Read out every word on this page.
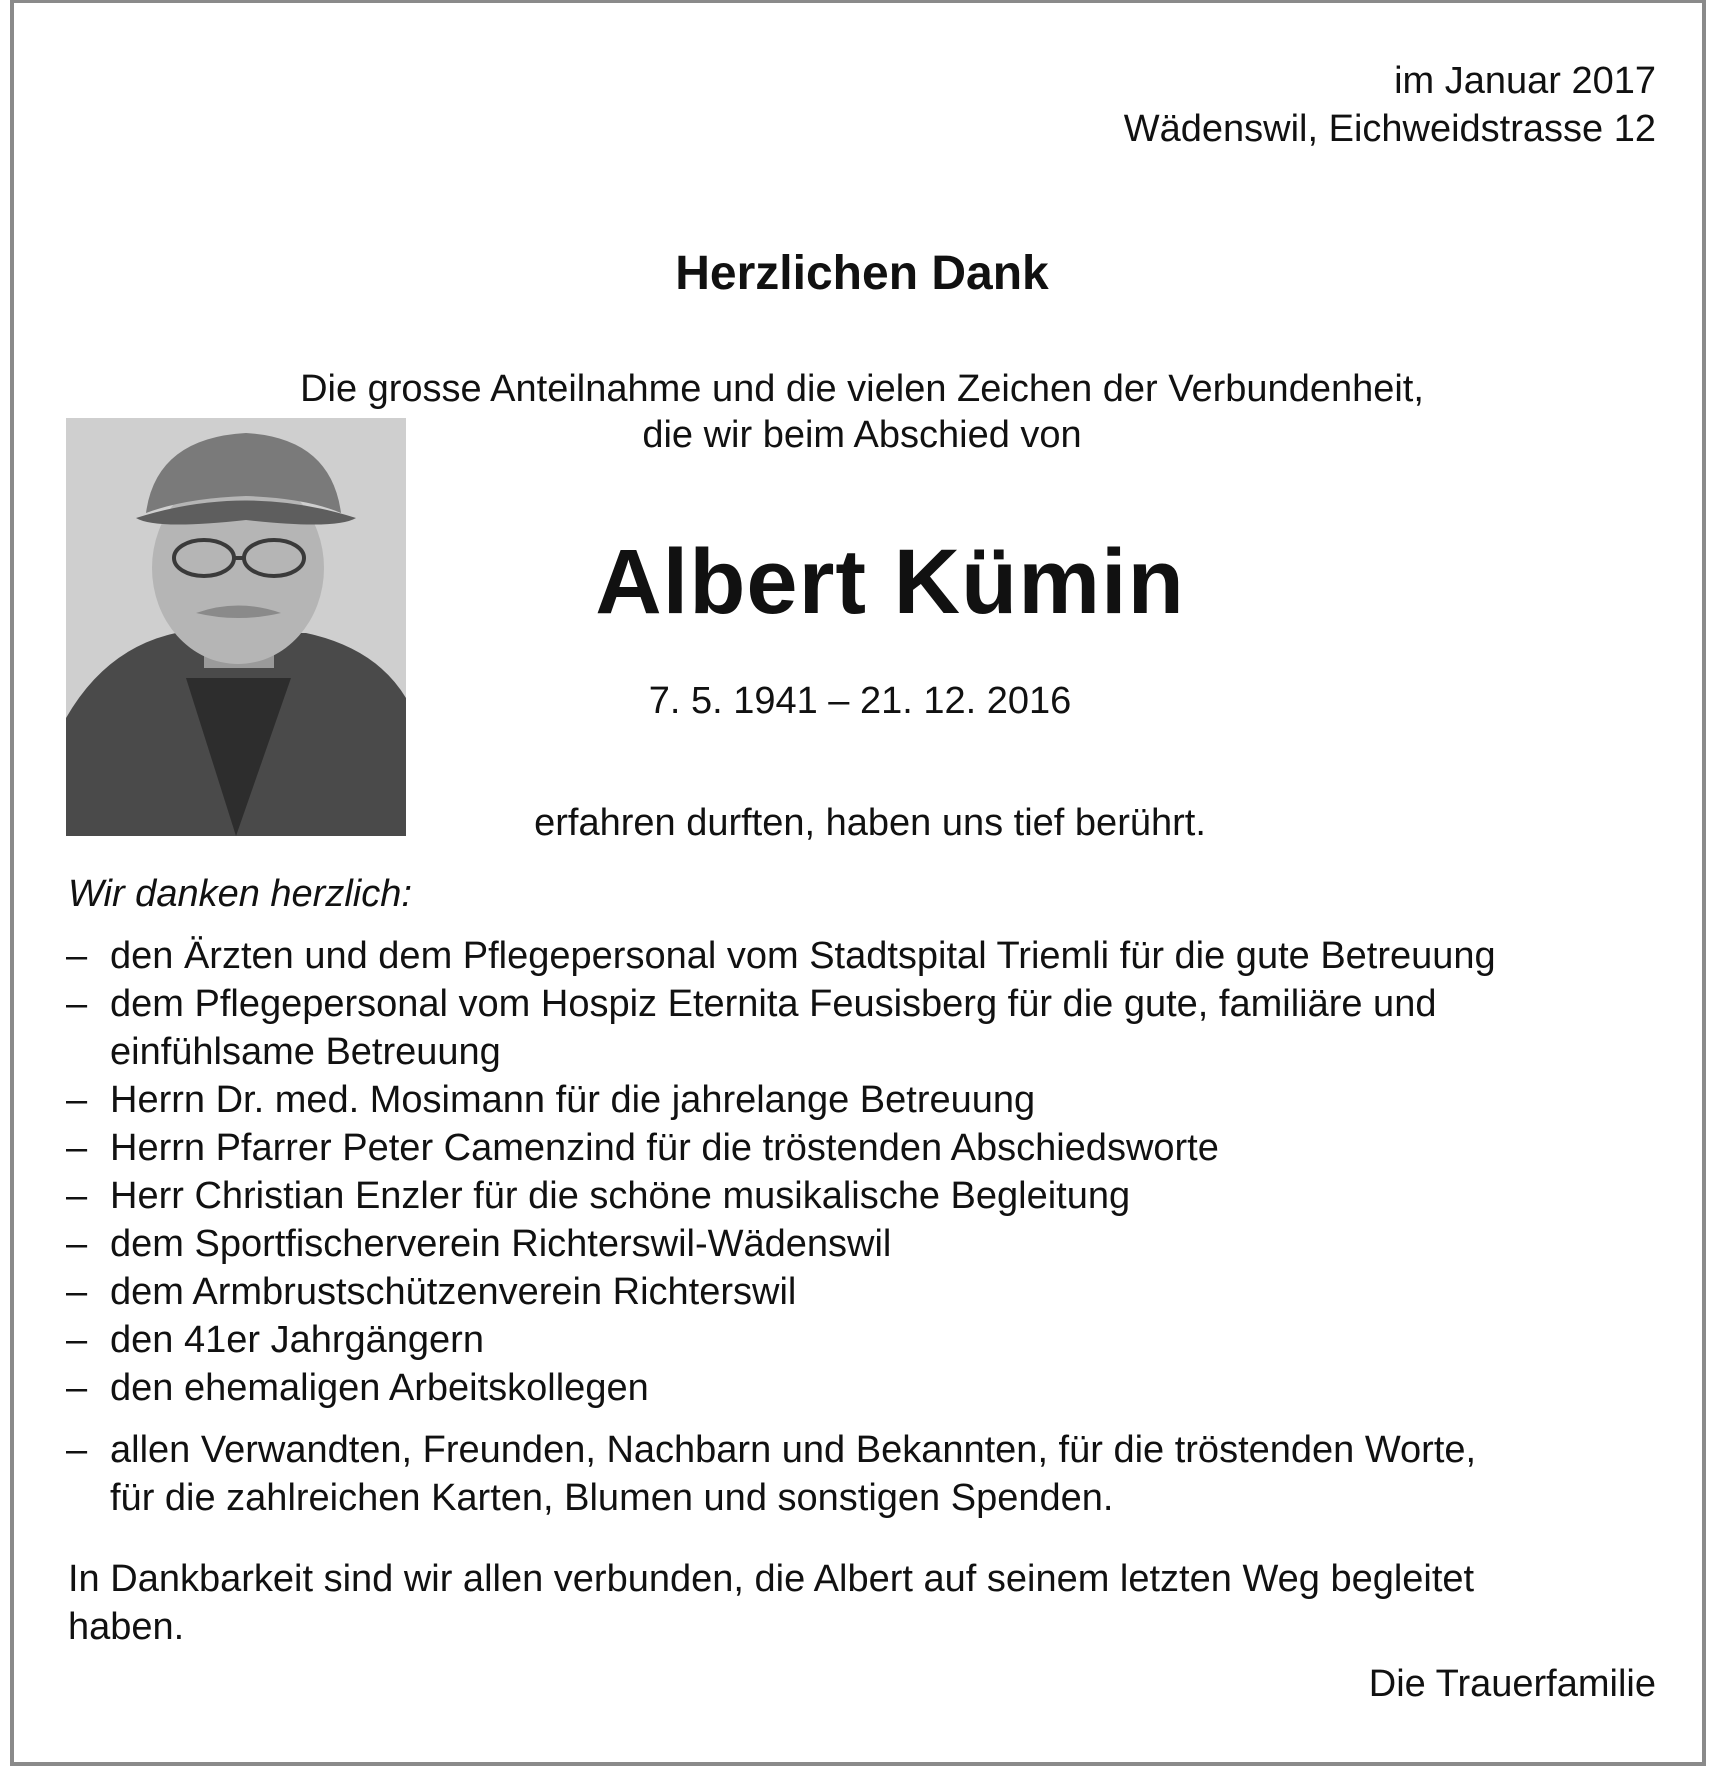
im Januar 2017
Wädenswil, Eichweidstrasse 12
Herzlichen Dank
Die grosse Anteilnahme und die vielen Zeichen der Verbundenheit,
die wir beim Abschied von
Albert Kümin
7. 5. 1941 – 21. 12. 2016
erfahren durften, haben uns tief berührt.
Wir danken herzlich:
– den Ärzten und dem Pflegepersonal vom Stadtspital Triemli für die gute Betreuung
– dem Pflegepersonal vom Hospiz Eternita Feusisberg für die gute, familiäre und
einfühlsame Betreuung
– Herrn Dr. med. Mosimann für die jahrelange Betreuung
– Herrn Pfarrer Peter Camenzind für die tröstenden Abschiedsworte
– Herr Christian Enzler für die schöne musikalische Begleitung
– dem Sportfischerverein Richterswil-Wädenswil
– dem Armbrustschützenverein Richterswil
– den 41er Jahrgängern
– den ehemaligen Arbeitskollegen
– allen Verwandten, Freunden, Nachbarn und Bekannten, für die tröstenden Worte,
für die zahlreichen Karten, Blumen und sonstigen Spenden.
In Dankbarkeit sind wir allen verbunden, die Albert auf seinem letzten Weg begleitet
haben.
Die Trauerfamilie
